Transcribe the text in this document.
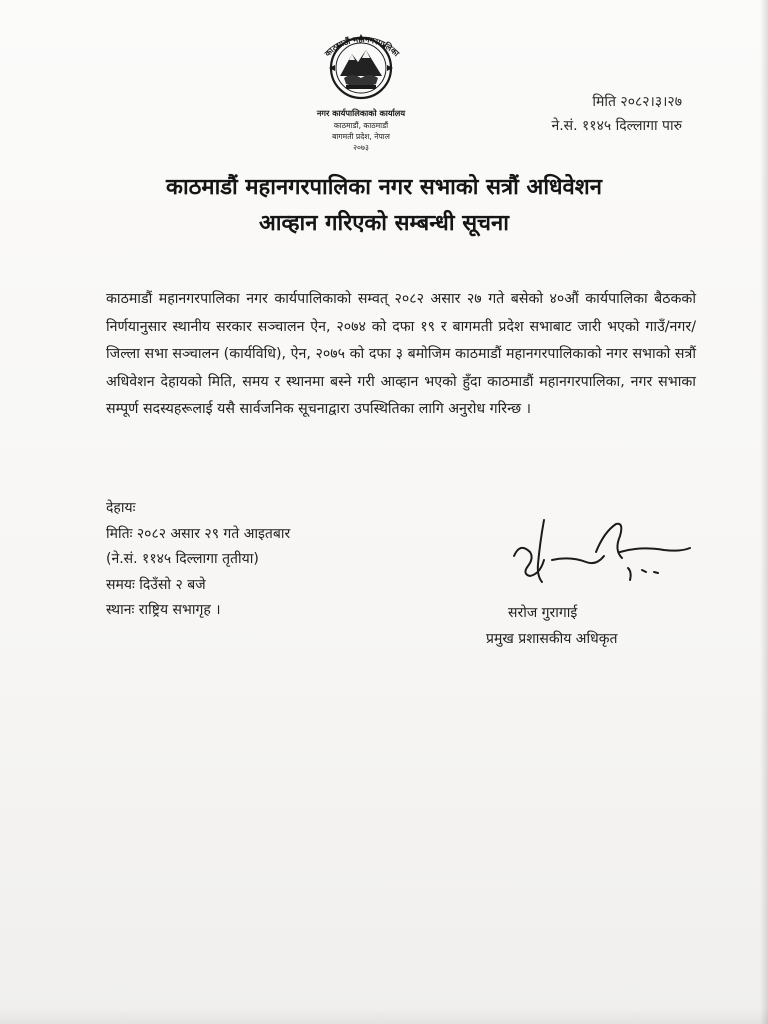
काठमाडौं महानगरपालिका
नगर कार्यपालिकाको कार्यालय
काठमाडौं, काठमाडौं
बागमती प्रदेश, नेपाल
२०७३
मिति २०८२।३।२७
ने.सं. ११४५ दिल्लागा पारु
काठमाडौं महानगरपालिका नगर सभाको सत्रौं अधिवेशन
आव्हान गरिएको सम्बन्धी सूचना
काठमाडौं महानगरपालिका नगर कार्यपालिकाको सम्वत् २०८२ असार २७ गते बसेको ४०औं कार्यपालिका बैठकको निर्णयानुसार स्थानीय सरकार सञ्चालन ऐन, २०७४ को दफा १९ र बागमती प्रदेश सभाबाट जारी भएको गाउँ/नगर/जिल्ला सभा सञ्चालन (कार्यविधि), ऐन, २०७५ को दफा ३ बमोजिम काठमाडौं महानगरपालिकाको नगर सभाको सत्रौं अधिवेशन देहायको मिति, समय र स्थानमा बस्ने गरी आव्हान भएको हुँदा काठमाडौं महानगरपालिका, नगर सभाका सम्पूर्ण सदस्यहरूलाई यसै सार्वजनिक सूचनाद्वारा उपस्थितिका लागि अनुरोध गरिन्छ ।
देहायः
मितिः २०८२ असार २९ गते आइतबार
(ने.सं. ११४५ दिल्लागा तृतीया)
समयः दिउँसो २ बजे
स्थानः राष्ट्रिय सभागृह ।	सरोज गुरागाई
प्रमुख प्रशासकीय अधिकृत
